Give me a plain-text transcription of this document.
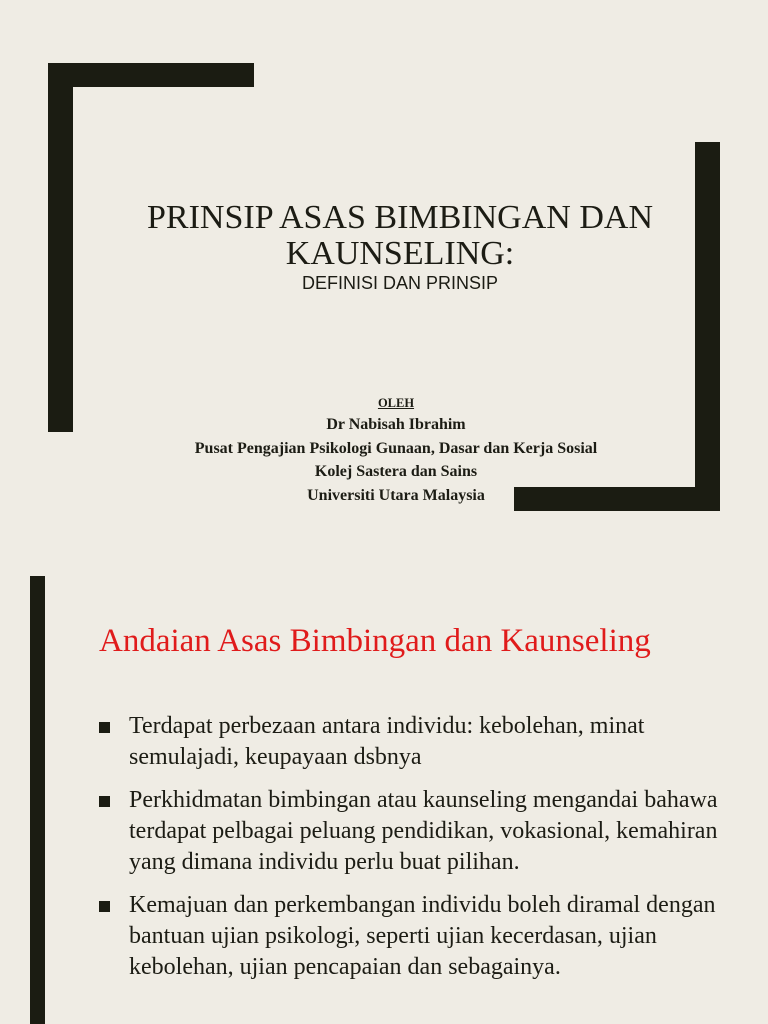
PRINSIP ASAS BIMBINGAN DAN KAUNSELING:

DEFINISI DAN PRINSIP

OLEH
Dr Nabisah Ibrahim
Pusat Pengajian Psikologi Gunaan, Dasar dan Kerja Sosial
Kolej Sastera dan Sains
Universiti Utara Malaysia
Andaian Asas Bimbingan dan Kaunseling
Terdapat perbezaan antara individu: kebolehan, minat semulajadi, keupayaan dsbnya
Perkhidmatan bimbingan atau kaunseling mengandai bahawa terdapat pelbagai peluang pendidikan, vokasional, kemahiran yang dimana individu perlu buat pilihan.
Kemajuan dan perkembangan individu boleh diramal dengan bantuan ujian psikologi, seperti ujian kecerdasan, ujian kebolehan, ujian pencapaian dan sebagainya.
